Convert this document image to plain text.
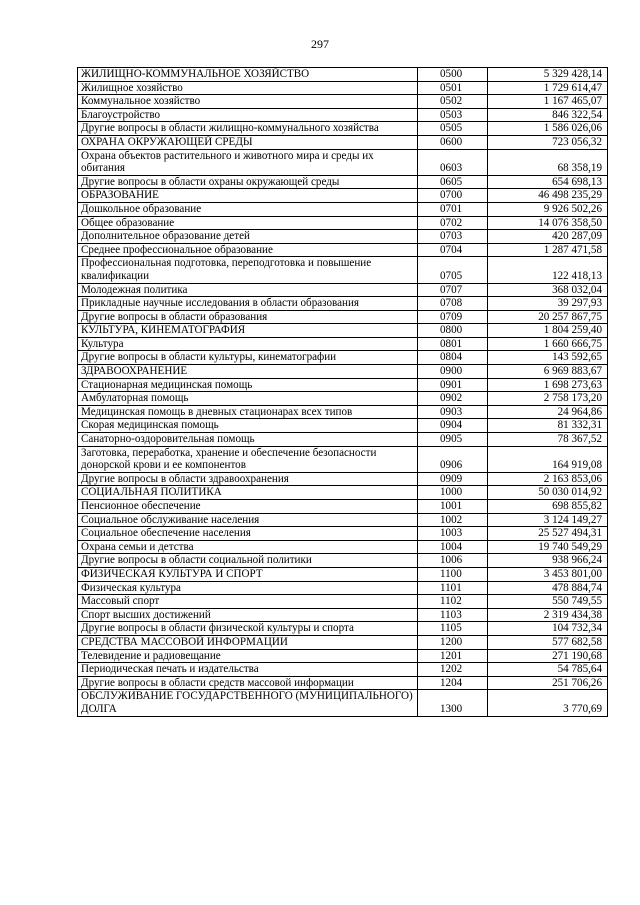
297
ЖИЛИЩНО-КОММУНАЛЬНОЕ ХОЗЯЙСТВО	0500	5 329 428,14
Жилищное хозяйство	0501	1 729 614,47
Коммунальное хозяйство	0502	1 167 465,07
Благоустройство	0503	846 322,54
Другие вопросы в области жилищно-коммунального хозяйства	0505	1 586 026,06
ОХРАНА ОКРУЖАЮЩЕЙ СРЕДЫ	0600	723 056,32
Охрана объектов растительного и животного мира и среды их обитания	0603	68 358,19
Другие вопросы в области охраны окружающей среды	0605	654 698,13
ОБРАЗОВАНИЕ	0700	46 498 235,29
Дошкольное образование	0701	9 926 502,26
Общее образование	0702	14 076 358,50
Дополнительное образование детей	0703	420 287,09
Среднее профессиональное образование	0704	1 287 471,58
Профессиональная подготовка, переподготовка и повышение квалификации	0705	122 418,13
Молодежная политика	0707	368 032,04
Прикладные научные исследования в области образования	0708	39 297,93
Другие вопросы в области образования	0709	20 257 867,75
КУЛЬТУРА, КИНЕМАТОГРАФИЯ	0800	1 804 259,40
Культура	0801	1 660 666,75
Другие вопросы в области культуры, кинематографии	0804	143 592,65
ЗДРАВООХРАНЕНИЕ	0900	6 969 883,67
Стационарная медицинская помощь	0901	1 698 273,63
Амбулаторная помощь	0902	2 758 173,20
Медицинская помощь в дневных стационарах всех типов	0903	24 964,86
Скорая медицинская помощь	0904	81 332,31
Санаторно-оздоровительная помощь	0905	78 367,52
Заготовка, переработка, хранение и обеспечение безопасности донорской крови и ее компонентов	0906	164 919,08
Другие вопросы в области здравоохранения	0909	2 163 853,06
СОЦИАЛЬНАЯ ПОЛИТИКА	1000	50 030 014,92
Пенсионное обеспечение	1001	698 855,82
Социальное обслуживание населения	1002	3 124 149,27
Социальное обеспечение населения	1003	25 527 494,31
Охрана семьи и детства	1004	19 740 549,29
Другие вопросы в области социальной политики	1006	938 966,24
ФИЗИЧЕСКАЯ КУЛЬТУРА И СПОРТ	1100	3 453 801,00
Физическая культура	1101	478 884,74
Массовый спорт	1102	550 749,55
Спорт высших достижений	1103	2 319 434,38
Другие вопросы в области физической культуры и спорта	1105	104 732,34
СРЕДСТВА МАССОВОЙ ИНФОРМАЦИИ	1200	577 682,58
Телевидение и радиовещание	1201	271 190,68
Периодическая печать и издательства	1202	54 785,64
Другие вопросы в области средств массовой информации	1204	251 706,26
ОБСЛУЖИВАНИЕ ГОСУДАРСТВЕННОГО (МУНИЦИПАЛЬНОГО) ДОЛГА	1300	3 770,69
